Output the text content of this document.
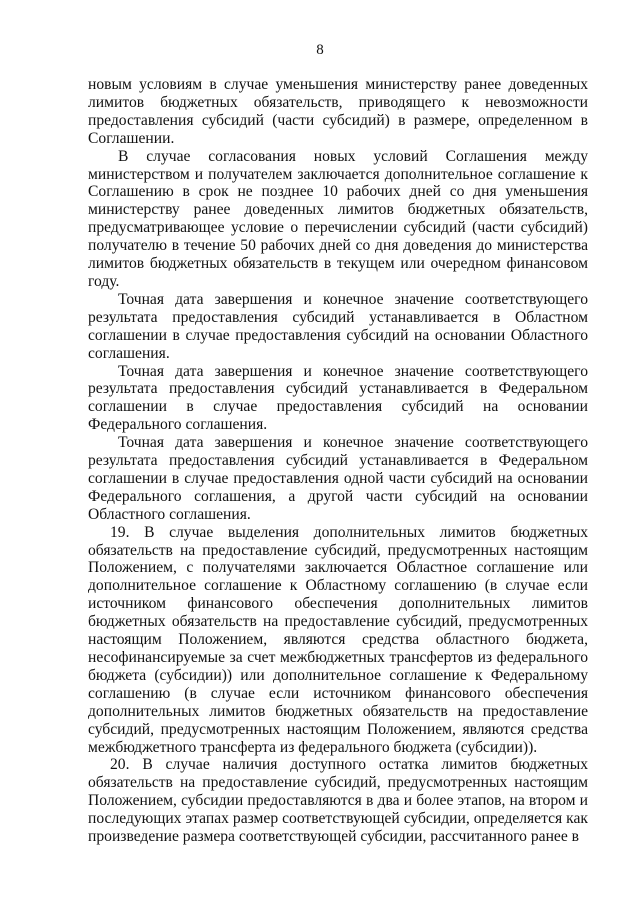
8

новым условиям в случае уменьшения министерству ранее доведенных лимитов бюджетных обязательств, приводящего к невозможности предоставления субсидий (части субсидий) в размере, определенном в Соглашении.

В случае согласования новых условий Соглашения между министерством и получателем заключается дополнительное соглашение к Соглашению в срок не позднее 10 рабочих дней со дня уменьшения министерству ранее доведенных лимитов бюджетных обязательств, предусматривающее условие о перечислении субсидий (части субсидий) получателю в течение 50 рабочих дней со дня доведения до министерства лимитов бюджетных обязательств в текущем или очередном финансовом году.

Точная дата завершения и конечное значение соответствующего результата предоставления субсидий устанавливается в Областном соглашении в случае предоставления субсидий на основании Областного соглашения.

Точная дата завершения и конечное значение соответствующего результата предоставления субсидий устанавливается в Федеральном соглашении в случае предоставления субсидий на основании Федерального соглашения.

Точная дата завершения и конечное значение соответствующего результата предоставления субсидий устанавливается в Федеральном соглашении в случае предоставления одной части субсидий на основании Федерального соглашения, а другой части субсидий на основании Областного соглашения.

19. В случае выделения дополнительных лимитов бюджетных обязательств на предоставление субсидий, предусмотренных настоящим Положением, с получателями заключается Областное соглашение или дополнительное соглашение к Областному соглашению (в случае если источником финансового обеспечения дополнительных лимитов бюджетных обязательств на предоставление субсидий, предусмотренных настоящим Положением, являются средства областного бюджета, несофинансируемые за счет межбюджетных трансфертов из федерального бюджета (субсидии)) или дополнительное соглашение к Федеральному соглашению (в случае если источником финансового обеспечения дополнительных лимитов бюджетных обязательств на предоставление субсидий, предусмотренных настоящим Положением, являются средства межбюджетного трансферта из федерального бюджета (субсидии)).

20. В случае наличия доступного остатка лимитов бюджетных обязательств на предоставление субсидий, предусмотренных настоящим Положением, субсидии предоставляются в два и более этапов, на втором и последующих этапах размер соответствующей субсидии, определяется как произведение размера соответствующей субсидии, рассчитанного ранее в
